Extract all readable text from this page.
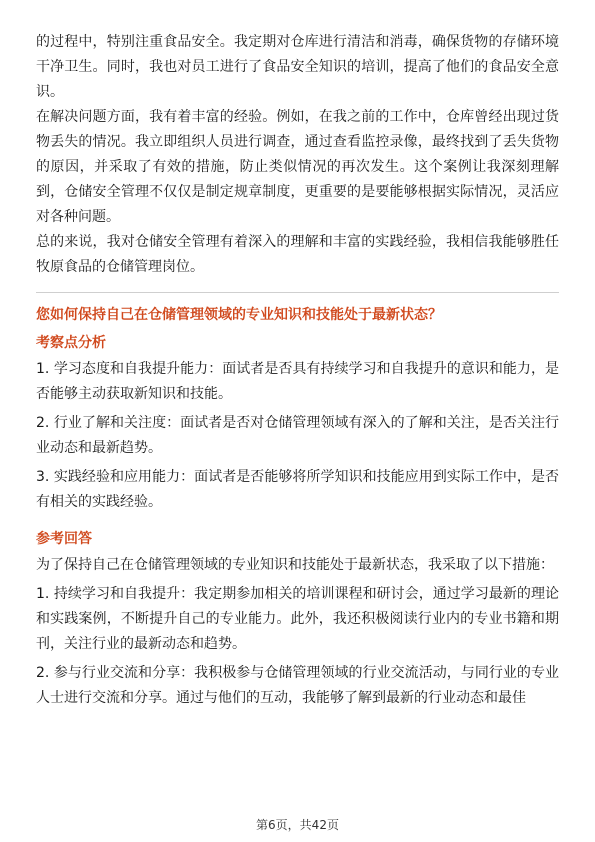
的过程中，特别注重食品安全。我定期对仓库进行清洁和消毒，确保货物的存储环境干净卫生。同时，我也对员工进行了食品安全知识的培训，提高了他们的食品安全意识。

在解决问题方面，我有着丰富的经验。例如，在我之前的工作中，仓库曾经出现过货物丢失的情况。我立即组织人员进行调查，通过查看监控录像，最终找到了丢失货物的原因，并采取了有效的措施，防止类似情况的再次发生。这个案例让我深刻理解到，仓储安全管理不仅仅是制定规章制度，更重要的是要能够根据实际情况，灵活应对各种问题。

总的来说，我对仓储安全管理有着深入的理解和丰富的实践经验，我相信我能够胜任牧原食品的仓储管理岗位。

您如何保持自己在仓储管理领域的专业知识和技能处于最新状态？

考察点分析

1. 学习态度和自我提升能力：面试者是否具有持续学习和自我提升的意识和能力，是否能够主动获取新知识和技能。

2. 行业了解和关注度：面试者是否对仓储管理领域有深入的了解和关注，是否关注行业动态和最新趋势。

3. 实践经验和应用能力：面试者是否能够将所学知识和技能应用到实际工作中，是否有相关的实践经验。

参考回答

为了保持自己在仓储管理领域的专业知识和技能处于最新状态，我采取了以下措施：

1. 持续学习和自我提升：我定期参加相关的培训课程和研讨会，通过学习最新的理论和实践案例，不断提升自己的专业能力。此外，我还积极阅读行业内的专业书籍和期刊，关注行业的最新动态和趋势。

2. 参与行业交流和分享：我积极参与仓储管理领域的行业交流活动，与同行业的专业人士进行交流和分享。通过与他们的互动，我能够了解到最新的行业动态和最佳

第6页，共42页
